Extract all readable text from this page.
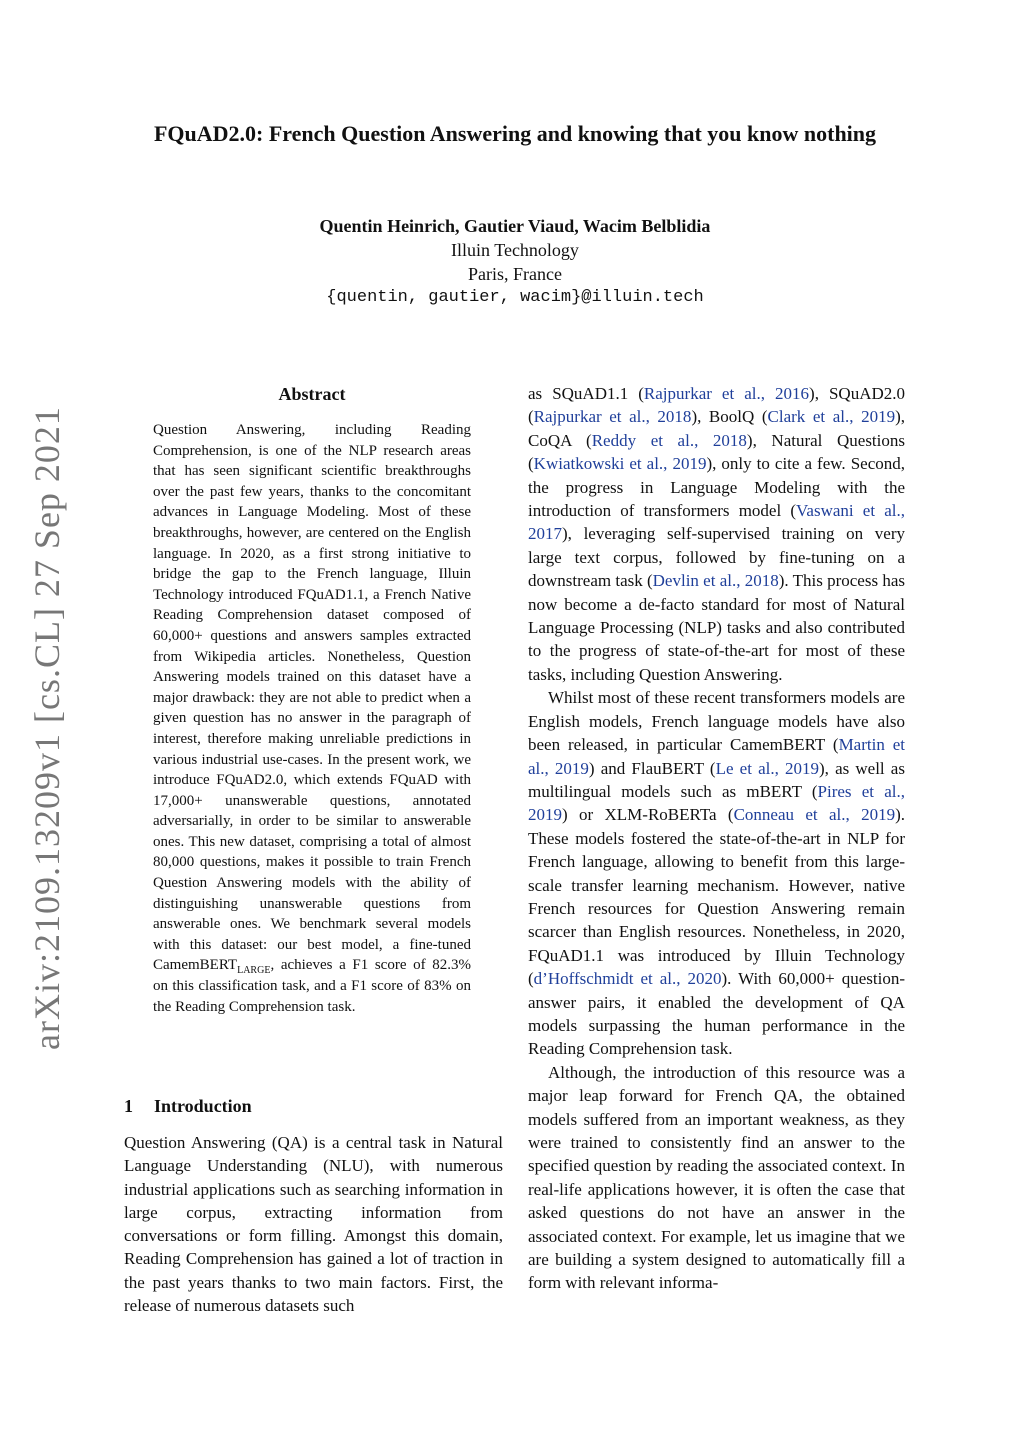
FQuAD2.0: French Question Answering and knowing that you know nothing
Quentin Heinrich, Gautier Viaud, Wacim Belblidia
Illuin Technology
Paris, France
{quentin, gautier, wacim}@illuin.tech
arXiv:2109.13209v1 [cs.CL] 27 Sep 2021
Abstract
Question Answering, including Reading Comprehension, is one of the NLP research areas that has seen significant scientific breakthroughs over the past few years, thanks to the concomitant advances in Language Modeling. Most of these breakthroughs, however, are centered on the English language. In 2020, as a first strong initiative to bridge the gap to the French language, Illuin Technology introduced FQuAD1.1, a French Native Reading Comprehension dataset composed of 60,000+ questions and answers samples extracted from Wikipedia articles. Nonetheless, Question Answering models trained on this dataset have a major drawback: they are not able to predict when a given question has no answer in the paragraph of interest, therefore making unreliable predictions in various industrial use-cases. In the present work, we introduce FQuAD2.0, which extends FQuAD with 17,000+ unanswerable questions, annotated adversarially, in order to be similar to answerable ones. This new dataset, comprising a total of almost 80,000 questions, makes it possible to train French Question Answering models with the ability of distinguishing unanswerable questions from answerable ones. We benchmark several models with this dataset: our best model, a fine-tuned CamemBERT$_{LARGE}$, achieves a F1 score of 82.3% on this classification task, and a F1 score of 83% on the Reading Comprehension task.
1 Introduction
Question Answering (QA) is a central task in Natural Language Understanding (NLU), with numerous industrial applications such as searching information in large corpus, extracting information from conversations or form filling. Amongst this domain, Reading Comprehension has gained a lot of traction in the past years thanks to two main factors. First, the release of numerous datasets such

as SQuAD1.1 (Rajpurkar et al., 2016), SQuAD2.0 (Rajpurkar et al., 2018), BoolQ (Clark et al., 2019), CoQA (Reddy et al., 2018), Natural Questions (Kwiatkowski et al., 2019), only to cite a few. Second, the progress in Language Modeling with the introduction of transformers model (Vaswani et al., 2017), leveraging self-supervised training on very large text corpus, followed by fine-tuning on a downstream task (Devlin et al., 2018). This process has now become a de-facto standard for most of Natural Language Processing (NLP) tasks and also contributed to the progress of state-of-the-art for most of these tasks, including Question Answering.

Whilst most of these recent transformers models are English models, French language models have also been released, in particular CamemBERT (Martin et al., 2019) and FlauBERT (Le et al., 2019), as well as multilingual models such as mBERT (Pires et al., 2019) or XLM-RoBERTa (Conneau et al., 2019). These models fostered the state-of-the-art in NLP for French language, allowing to benefit from this large-scale transfer learning mechanism. However, native French resources for Question Answering remain scarcer than English resources. Nonetheless, in 2020, FQuAD1.1 was introduced by Illuin Technology (d’Hoffschmidt et al., 2020). With 60,000+ question-answer pairs, it enabled the development of QA models surpassing the human performance in the Reading Comprehension task.

Although, the introduction of this resource was a major leap forward for French QA, the obtained models suffered from an important weakness, as they were trained to consistently find an answer to the specified question by reading the associated context. In real-life applications however, it is often the case that asked questions do not have an answer in the associated context. For example, let us imagine that we are building a system designed to automatically fill a form with relevant informa-
